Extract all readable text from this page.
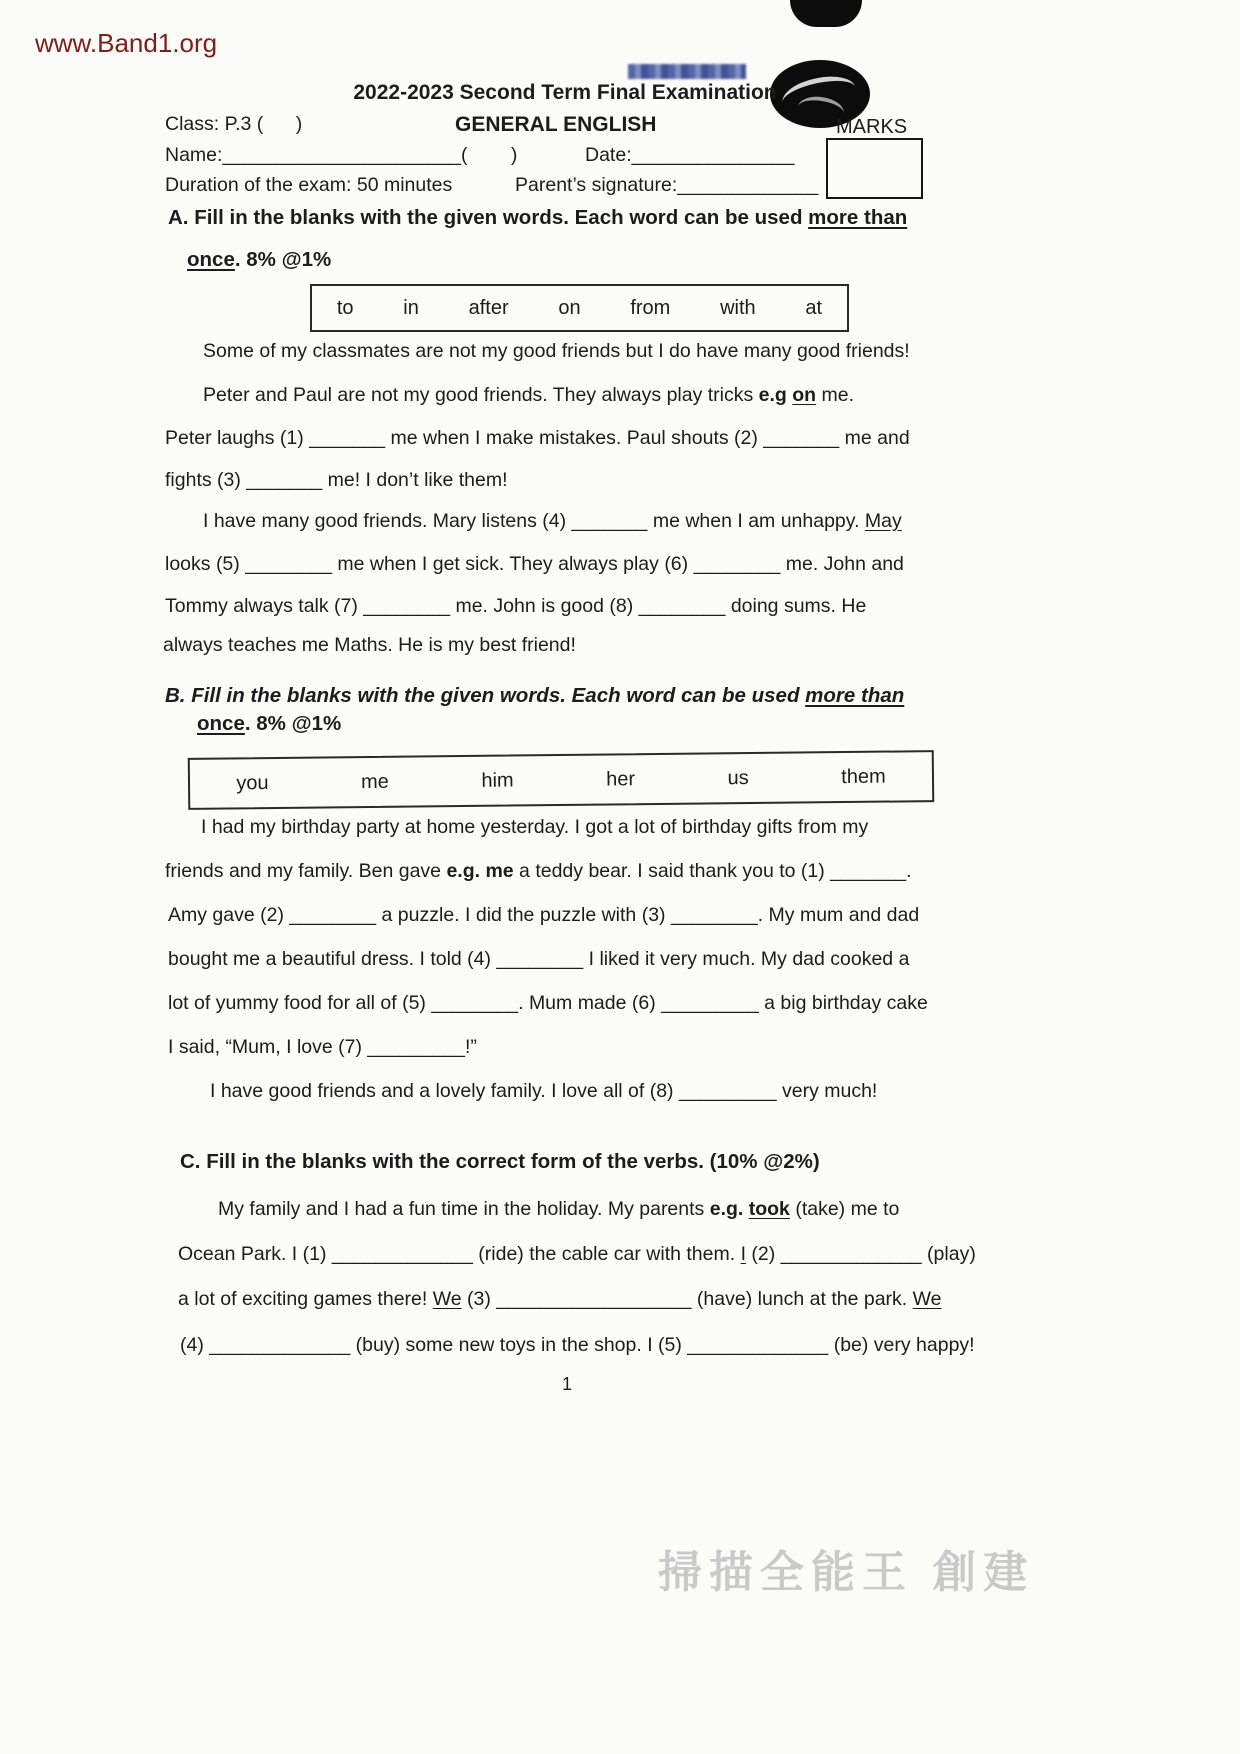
www.Band1.org
2022-2023 Second Term Final Examination
Class: P.3 (      )	GENERAL ENGLISH	MARKS
Name:______________________(        )	Date:_______________
Duration of the exam: 50 minutes	Parent’s signature:_____________
A. Fill in the blanks with the given words. Each word can be used more than
once. 8% @1%
to in after on from with at
Some of my classmates are not my good friends but I do have many good friends!
Peter and Paul are not my good friends. They always play tricks e.g on me.
Peter laughs (1) _______ me when I make mistakes. Paul shouts (2) _______ me and
fights (3) _______ me! I don’t like them!
I have many good friends. Mary listens (4) _______ me when I am unhappy. May
looks (5) ________ me when I get sick. They always play (6) ________ me. John and
Tommy always talk (7) ________ me. John is good (8) ________ doing sums. He
always teaches me Maths. He is my best friend!
B. Fill in the blanks with the given words. Each word can be used more than
once. 8% @1%
you	me	him	her	us	them
I had my birthday party at home yesterday. I got a lot of birthday gifts from my
friends and my family. Ben gave e.g. me a teddy bear. I said thank you to (1) _______.
Amy gave (2) ________ a puzzle. I did the puzzle with (3) ________. My mum and dad
bought me a beautiful dress. I told (4) ________ I liked it very much. My dad cooked a
lot of yummy food for all of (5) ________. Mum made (6) _________ a big birthday cake
I said, “Mum, I love (7) _________!”
I have good friends and a lovely family. I love all of (8) _________ very much!
C. Fill in the blanks with the correct form of the verbs. (10% @2%)
My family and I had a fun time in the holiday. My parents e.g. took (take) me to
Ocean Park. I (1) _____________ (ride) the cable car with them. I (2) _____________ (play)
a lot of exciting games there! We (3) __________________ (have) lunch at the park. We
(4) _____________ (buy) some new toys in the shop. I (5) _____________ (be) very happy!
1
掃描全能王 創建
